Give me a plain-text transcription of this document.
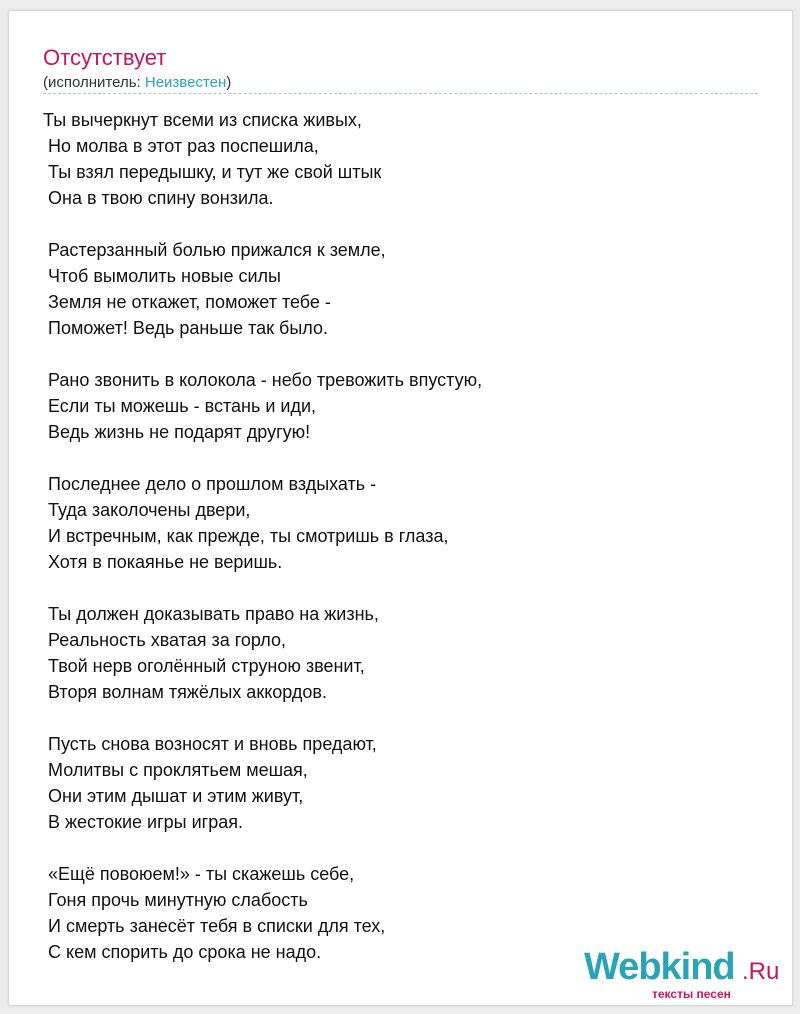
Отсутствует
(исполнитель: Неизвестен)
Ты вычеркнут всеми из списка живых,
Но молва в этот раз поспешила,
Ты взял передышку, и тут же свой штык
Она в твою спину вонзила.
Растерзанный болью прижался к земле,
Чтоб вымолить новые силы
Земля не откажет, поможет тебе -
Поможет! Ведь раньше так было.
Рано звонить в колокола - небо тревожить впустую,
Если ты можешь - встань и иди,
Ведь жизнь не подарят другую!
Последнее дело о прошлом вздыхать -
Туда заколочены двери,
И встречным, как прежде, ты смотришь в глаза,
Хотя в покаянье не веришь.
Ты должен доказывать право на жизнь,
Реальность хватая за горло,
Твой нерв оголённый струною звенит,
Вторя волнам тяжёлых аккордов.
Пусть снова возносят и вновь предают,
Молитвы с проклятьем мешая,
Они этим дышат и этим живут,
В жестокие игры играя.
«Ещё повоюем!» - ты скажешь себе,
Гоня прочь минутную слабость
И смерть занесёт тебя в списки для тех,
С кем спорить до срока не надо.	Webkind .Ru
тексты песен
